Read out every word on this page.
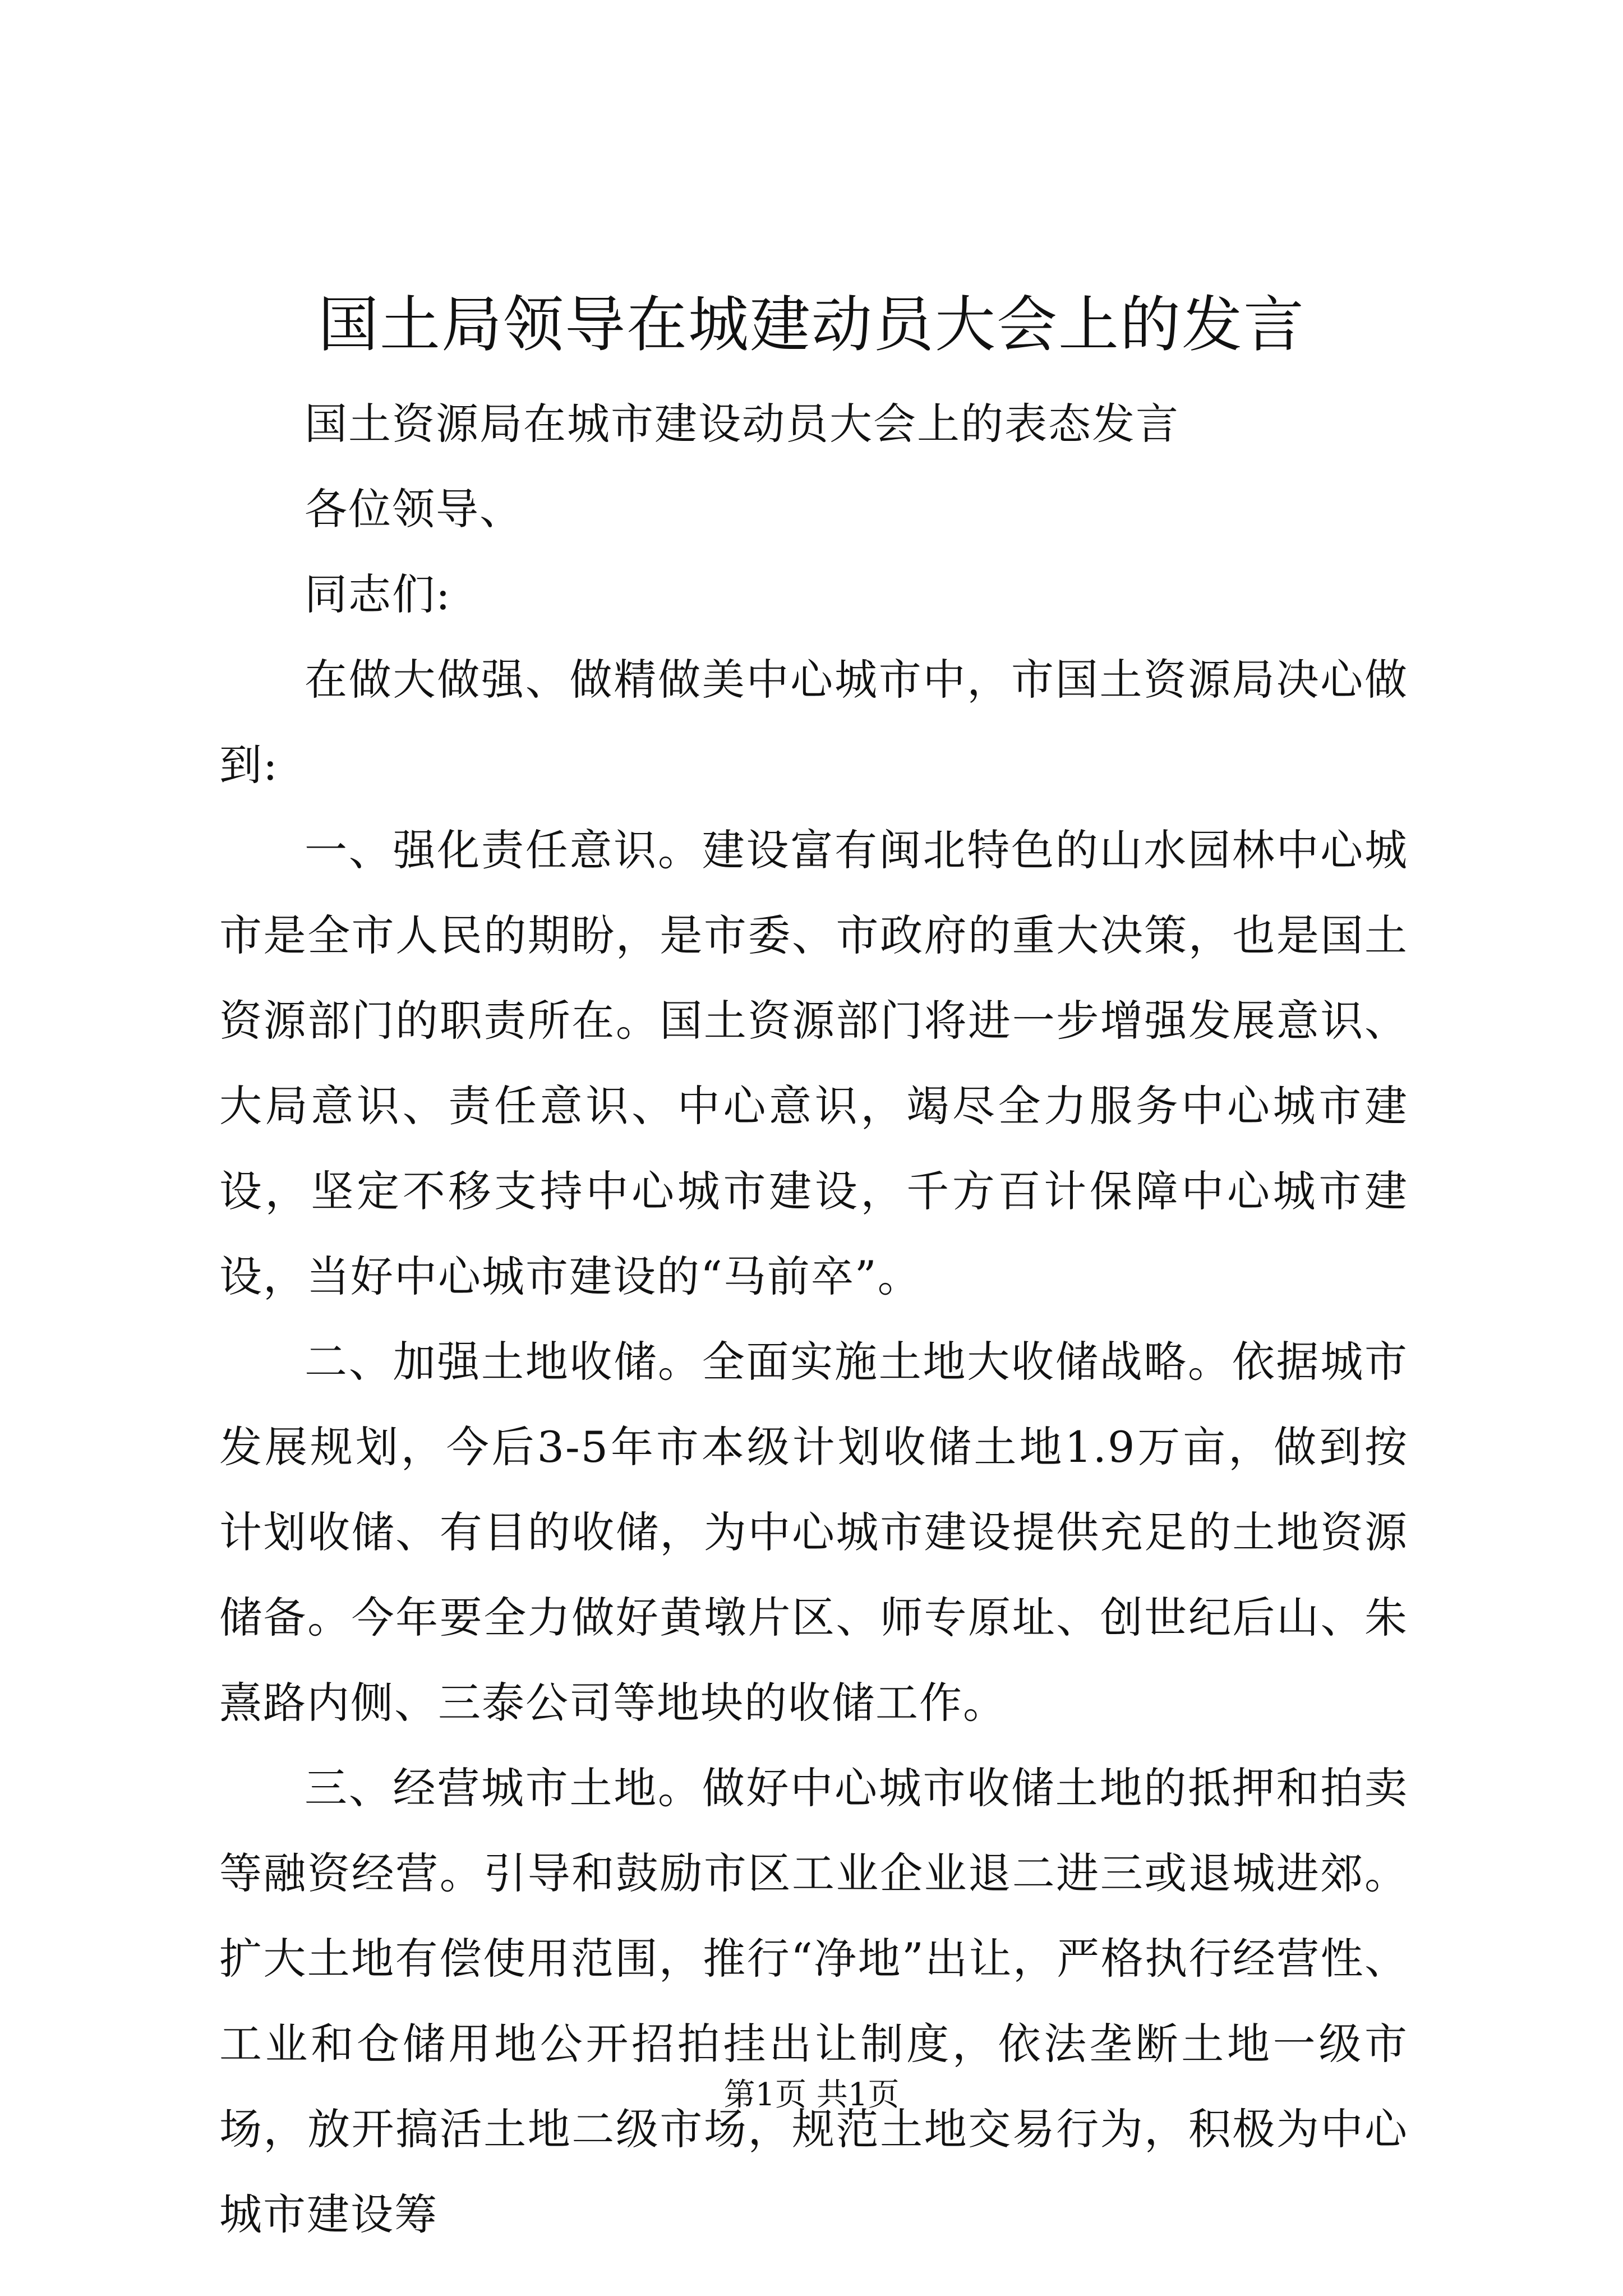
国土局领导在城建动员大会上的发言

国土资源局在城市建设动员大会上的表态发言

各位领导、

同志们:

在做大做强、做精做美中心城市中，市国土资源局决心做到:

一、强化责任意识。建设富有闽北特色的山水园林中心城市是全市人民的期盼，是市委、市政府的重大决策，也是国土资源部门的职责所在。国土资源部门将进一步增强发展意识、大局意识、责任意识、中心意识，竭尽全力服务中心城市建设，坚定不移支持中心城市建设，千方百计保障中心城市建设，当好中心城市建设的“马前卒”。

二、加强土地收储。全面实施土地大收储战略。依据城市发展规划，今后3-5年市本级计划收储土地1.9万亩，做到按计划收储、有目的收储，为中心城市建设提供充足的土地资源储备。今年要全力做好黄墩片区、师专原址、创世纪后山、朱熹路内侧、三泰公司等地块的收储工作。

三、经营城市土地。做好中心城市收储土地的抵押和拍卖等融资经营。引导和鼓励市区工业企业退二进三或退城进郊。扩大土地有偿使用范围，推行“净地”出让，严格执行经营性、工业和仓储用地公开招拍挂出让制度，依法垄断土地一级市场，放开搞活土地二级市场，规范土地交易行为，积极为中心城市建设筹

第1页 共1页
